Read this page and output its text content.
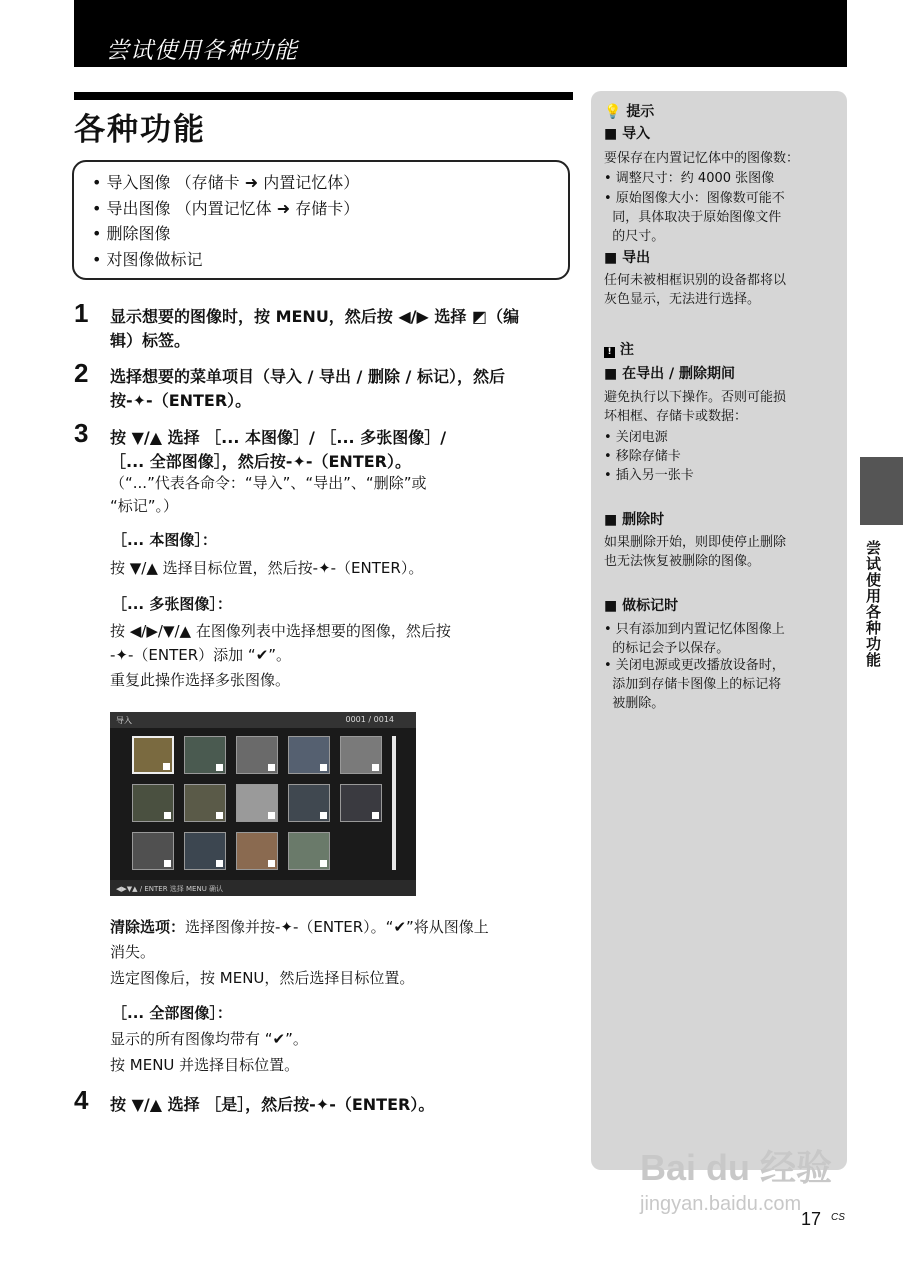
尝试使用各种功能
各种功能
• 导入图像 （存储卡 ➜ 内置记忆体）
• 导出图像 （内置记忆体 ➜ 存储卡）
• 删除图像
• 对图像做标记
1 显示想要的图像时，按 MENU，然后按 ◀/▶ 选择 ◩（编
辑）标签。
2 选择想要的菜单项目（导入 / 导出 / 删除 / 标记），然后
按-✦-（ENTER）。
3 按 ▼/▲ 选择 ［... 本图像］/ ［... 多张图像］/
［... 全部图像］，然后按-✦-（ENTER）。
（“...”代表各命令：“导入”、“导出”、“删除”或
“标记”。）
［... 本图像］：
按 ▼/▲ 选择目标位置，然后按-✦-（ENTER）。
［... 多张图像］：
按 ◀/▶/▼/▲ 在图像列表中选择想要的图像，然后按
-✦-（ENTER）添加 “✔”。
重复此操作选择多张图像。
导入	0001 / 0014
◀▶▼▲ / ENTER 选择 MENU 确认
清除选项：选择图像并按-✦-（ENTER）。“✔”将从图像上
消失。
选定图像后，按 MENU，然后选择目标位置。
［... 全部图像］：
显示的所有图像均带有 “✔”。
按 MENU 并选择目标位置。
4 按 ▼/▲ 选择 ［是］，然后按-✦-（ENTER）。
💡 提示
■ 导入
要保存在内置记忆体中的图像数：
• 调整尺寸：约 4000 张图像
• 原始图像大小：图像数可能不
同，具体取决于原始图像文件
的尺寸。
■ 导出
任何未被相框识别的设备都将以
灰色显示，无法进行选择。
! 注
■ 在导出 / 删除期间
避免执行以下操作。否则可能损
坏相框、存储卡或数据：
• 关闭电源
• 移除存储卡
• 插入另一张卡
■ 删除时
如果删除开始，则即使停止删除
也无法恢复被删除的图像。
■ 做标记时
• 只有添加到内置记忆体图像上
的标记会予以保存。
• 关闭电源或更改播放设备时，
添加到存储卡图像上的标记将
被删除。
尝试使用各种功能
Bai du 经验
jingyan.baidu.com
17 CS
